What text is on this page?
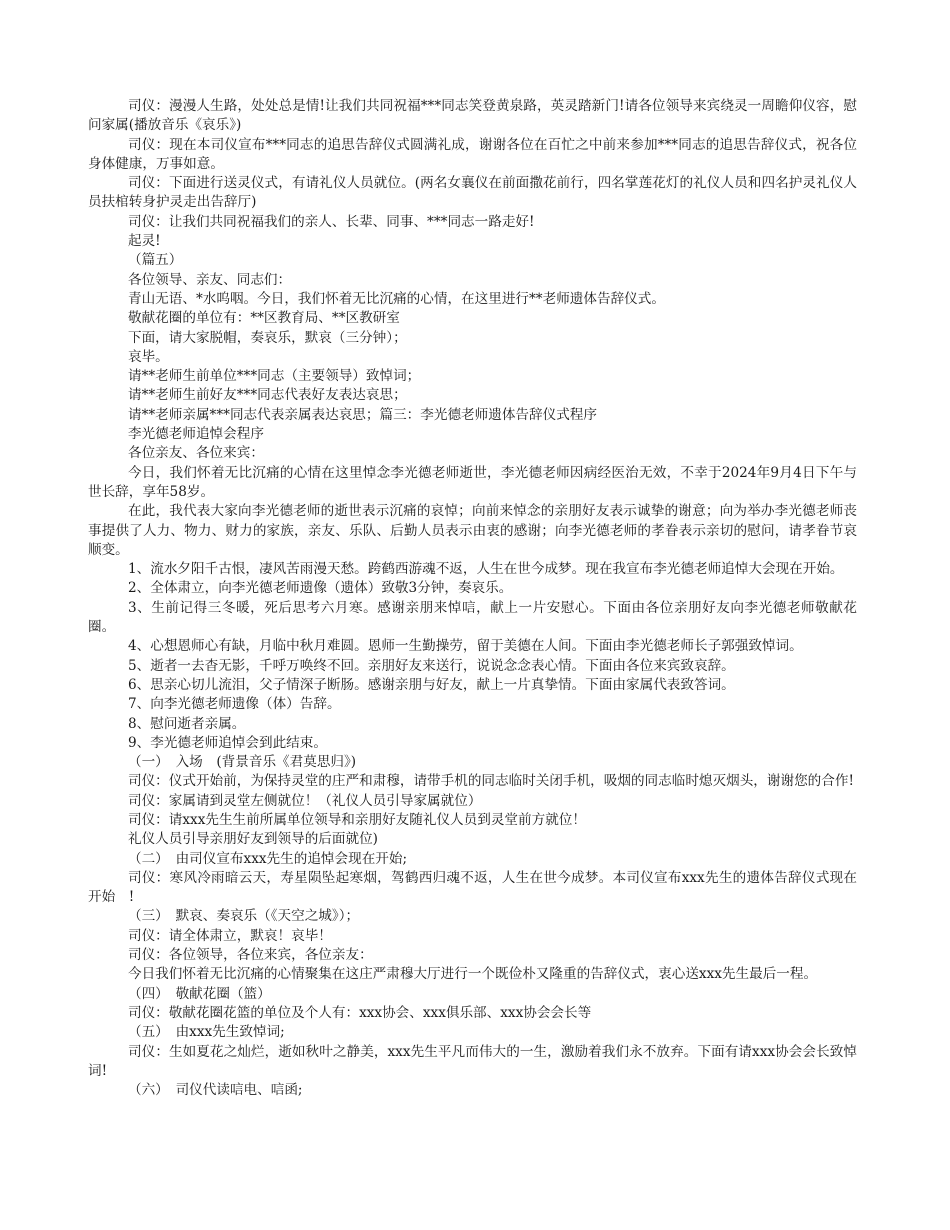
司仪：漫漫人生路，处处总是情!让我们共同祝福***同志笑登黄泉路，英灵踏新门!请各位领导来宾绕灵一周瞻仰仪容，慰问家属(播放音乐《哀乐》)

司仪：现在本司仪宣布***同志的追思告辞仪式圆满礼成，谢谢各位在百忙之中前来参加***同志的追思告辞仪式，祝各位身体健康，万事如意。

司仪：下面进行送灵仪式，有请礼仪人员就位。(两名女襄仪在前面撒花前行，四名掌莲花灯的礼仪人员和四名护灵礼仪人员扶棺转身护灵走出告辞厅)

司仪：让我们共同祝福我们的亲人、长辈、同事、***同志一路走好!

起灵!

（篇五）

各位领导、亲友、同志们：

青山无语、*水呜咽。今日，我们怀着无比沉痛的心情，在这里进行**老师遗体告辞仪式。

敬献花圈的单位有：**区教育局、**区教研室

下面，请大家脱帽，奏哀乐，默哀（三分钟）；

哀毕。

请**老师生前单位***同志（主要领导）致悼词；

请**老师生前好友***同志代表好友表达哀思；

请**老师亲属***同志代表亲属表达哀思；篇三：李光德老师遗体告辞仪式程序

李光德老师追悼会程序

各位亲友、各位来宾：

今日，我们怀着无比沉痛的心情在这里悼念李光德老师逝世，李光德老师因病经医治无效，不幸于2024年9月4日下午与世长辞，享年58岁。

在此，我代表大家向李光德老师的逝世表示沉痛的哀悼；向前来悼念的亲朋好友表示诚挚的谢意；向为举办李光德老师丧事提供了人力、物力、财力的家族，亲友、乐队、后勤人员表示由衷的感谢；向李光德老师的孝眷表示亲切的慰问，请孝眷节哀顺变。

1、流水夕阳千古恨，凄风苦雨漫天愁。跨鹤西游魂不返，人生在世今成梦。现在我宣布李光德老师追悼大会现在开始。

2、全体肃立，向李光德老师遗像（遗体）致敬3分钟，奏哀乐。

3、生前记得三冬暖，死后思考六月寒。感谢亲朋来悼唁，献上一片安慰心。下面由各位亲朋好友向李光德老师敬献花圈。

4、心想恩师心有缺，月临中秋月难圆。恩师一生勤操劳，留于美德在人间。下面由李光德老师长子郭强致悼词。

5、逝者一去杳无影，千呼万唤终不回。亲朋好友来送行，说说念念表心情。下面由各位来宾致哀辞。

6、思亲心切儿流泪，父子情深子断肠。感谢亲朋与好友，献上一片真挚情。下面由家属代表致答词。

7、向李光德老师遗像（体）告辞。

8、慰问逝者亲属。

9、李光德老师追悼会到此结束。

（一）　入场　(背景音乐《君莫思归》)

司仪：仪式开始前，为保持灵堂的庄严和肃穆，请带手机的同志临时关闭手机，吸烟的同志临时熄灭烟头，谢谢您的合作!

司仪：家属请到灵堂左侧就位！（礼仪人员引导家属就位）

司仪：请xxx先生生前所属单位领导和亲朋好友随礼仪人员到灵堂前方就位！

礼仪人员引导亲朋好友到领导的后面就位)

（二）　由司仪宣布xxx先生的追悼会现在开始;

司仪：寒风冷雨暗云天，寿星陨坠起寒烟，驾鹤西归魂不返，人生在世今成梦。本司仪宣布xxx先生的遗体告辞仪式现在开始　!

（三）　默哀、奏哀乐（《天空之城》）；

司仪：请全体肃立，默哀！哀毕！

司仪：各位领导，各位来宾，各位亲友：

今日我们怀着无比沉痛的心情聚集在这庄严肃穆大厅进行一个既俭朴又隆重的告辞仪式，衷心送xxx先生最后一程。

（四）　敬献花圈（篮）

司仪：敬献花圈花篮的单位及个人有：xxx协会、xxx俱乐部、xxx协会会长等

（五）　由xxx先生致悼词;

司仪：生如夏花之灿烂，逝如秋叶之静美，xxx先生平凡而伟大的一生，激励着我们永不放弃。下面有请xxx协会会长致悼词!

（六）　司仪代读唁电、唁函;
